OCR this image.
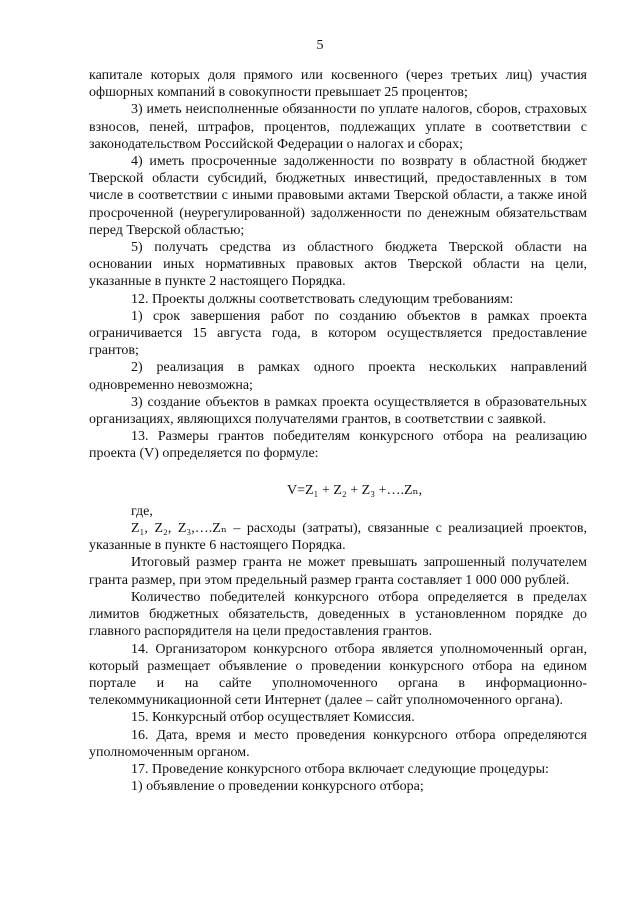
5

капитале которых доля прямого или косвенного (через третьих лиц) участия офшорных компаний в совокупности превышает 25 процентов;

3) иметь неисполненные обязанности по уплате налогов, сборов, страховых взносов, пеней, штрафов, процентов, подлежащих уплате в соответствии с законодательством Российской Федерации о налогах и сборах;

4) иметь просроченные задолженности по возврату в областной бюджет Тверской области субсидий, бюджетных инвестиций, предоставленных в том числе в соответствии с иными правовыми актами Тверской области, а также иной просроченной (неурегулированной) задолженности по денежным обязательствам перед Тверской областью;

5) получать средства из областного бюджета Тверской области на основании иных нормативных правовых актов Тверской области на цели, указанные в пункте 2 настоящего Порядка.

12. Проекты должны соответствовать следующим требованиям:

1) срок завершения работ по созданию объектов в рамках проекта ограничивается 15 августа года, в котором осуществляется предоставление грантов;

2) реализация в рамках одного проекта нескольких направлений одновременно невозможна;

3) создание объектов в рамках проекта осуществляется в образовательных организациях, являющихся получателями грантов, в соответствии с заявкой.

13. Размеры грантов победителям конкурсного отбора на реализацию проекта (V) определяется по формуле:

V=Z₁ + Z₂ + Z₃ +….Zₙ,

где,

Z₁, Z₂, Z₃,….Zₙ – расходы (затраты), связанные с реализацией проектов, указанные в пункте 6 настоящего Порядка.

Итоговый размер гранта не может превышать запрошенный получателем гранта размер, при этом предельный размер гранта составляет 1 000 000 рублей.

Количество победителей конкурсного отбора определяется в пределах лимитов бюджетных обязательств, доведенных в установленном порядке до главного распорядителя на цели предоставления грантов.

14. Организатором конкурсного отбора является уполномоченный орган, который размещает объявление о проведении конкурсного отбора на едином портале и на сайте уполномоченного органа в информационно-телекоммуникационной сети Интернет (далее – сайт уполномоченного органа).

15. Конкурсный отбор осуществляет Комиссия.

16. Дата, время и место проведения конкурсного отбора определяются уполномоченным органом.

17. Проведение конкурсного отбора включает следующие процедуры:

1) объявление о проведении конкурсного отбора;
